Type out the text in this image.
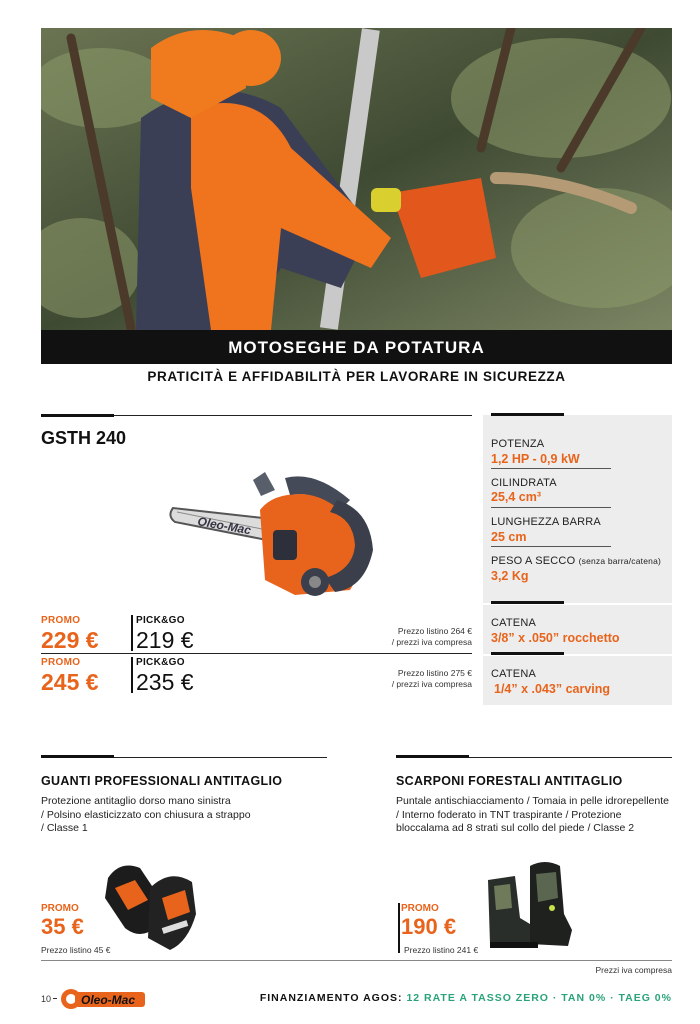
MOTOSEGHE DA POTATURA
PRATICITÀ E AFFIDABILITÀ PER LAVORARE IN SICUREZZA
GSTH 240
Oleo-Mac
PROMO
229 €
PICK&GO
219 €	Prezzo listino 264 €
/ prezzi iva compresa
PROMO
245 €
PICK&GO
235 €	Prezzo listino 275 €
/ prezzi iva compresa
POTENZA
1,2 HP - 0,9 kW
CILINDRATA
25,4 cm³
LUNGHEZZA BARRA
25 cm
PESO A SECCO (senza barra/catena)
3,2 Kg
CATENA
3/8” x .050” rocchetto
CATENA
1/4” x .043” carving
GUANTI PROFESSIONALI ANTITAGLIO
Protezione antitaglio dorso mano sinistra
/ Polsino elasticizzato con chiusura a strappo
/ Classe 1
PROMO
35 €
Prezzo listino 45 €
SCARPONI FORESTALI ANTITAGLIO
Puntale antischiacciamento / Tomaia in pelle idrorepellente
/ Interno foderato in TNT traspirante / Protezione
bloccalama ad 8 strati sul collo del piede / Classe 2
PROMO
190 €
Prezzo listino 241 €
Prezzi iva compresa
10 Oleo-Mac	FINANZIAMENTO AGOS: 12 RATE A TASSO ZERO · TAN 0% · TAEG 0%
